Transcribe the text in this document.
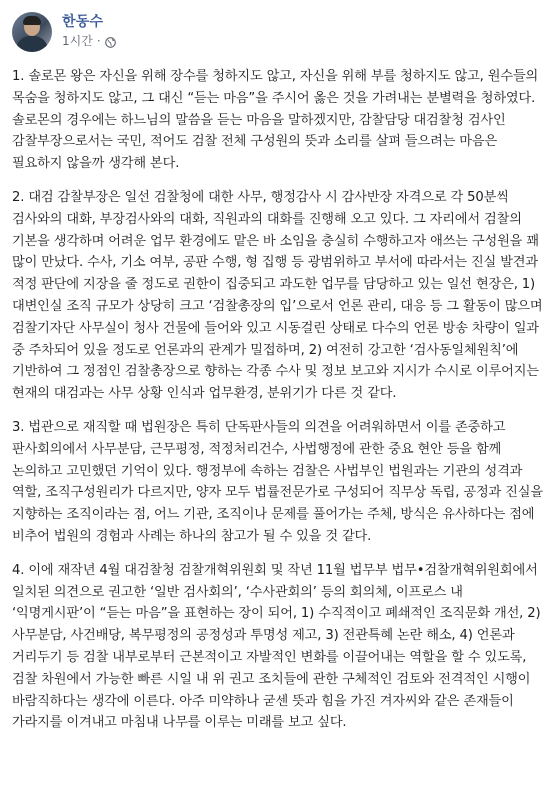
한동수
1시간 ·

1. 솔로몬 왕은 자신을 위해 장수를 청하지도 않고, 자신을 위해 부를 청하지도 않고, 원수들의 목숨을 청하지도 않고, 그 대신 “듣는 마음”을 주시어 옳은 것을 가려내는 분별력을 청하였다. 솔로몬의 경우에는 하느님의 말씀을 듣는 마음을 말하겠지만, 감찰담당 대검찰청 검사인 감찰부장으로서는 국민, 적어도 검찰 전체 구성원의 뜻과 소리를 살펴 들으려는 마음은 필요하지 않을까 생각해 본다.

2. 대검 감찰부장은 일선 검찰청에 대한 사무, 행정감사 시 감사반장 자격으로 각 50분씩 검사와의 대화, 부장검사와의 대화, 직원과의 대화를 진행해 오고 있다. 그 자리에서 검찰의 기본을 생각하며 어려운 업무 환경에도 맡은 바 소임을 충실히 수행하고자 애쓰는 구성원을 꽤 많이 만났다. 수사, 기소 여부, 공판 수행, 형 집행 등 광범위하고 부서에 따라서는 진실 발견과 적정 판단에 지장을 줄 정도로 권한이 집중되고 과도한 업무를 담당하고 있는 일선 현장은, 1) 대변인실 조직 규모가 상당히 크고 ‘검찰총장의 입’으로서 언론 관리, 대응 등 그 활동이 많으며 검찰기자단 사무실이 청사 건물에 들어와 있고 시동걸린 상태로 다수의 언론 방송 차량이 일과 중 주차되어 있을 정도로 언론과의 관계가 밀접하며, 2) 여전히 강고한 ‘검사동일체원칙’에 기반하여 그 정점인 검찰총장으로 향하는 각종 수사 및 정보 보고와 지시가 수시로 이루어지는 현재의 대검과는 사무 상황 인식과 업무환경, 분위기가 다른 것 같다.

3. 법관으로 재직할 때 법원장은 특히 단독판사들의 의견을 어려워하면서 이를 존중하고 판사회의에서 사무분담, 근무평정, 적정처리건수, 사법행정에 관한 중요 현안 등을 함께 논의하고 고민했던 기억이 있다. 행정부에 속하는 검찰은 사법부인 법원과는 기관의 성격과 역할, 조직구성원리가 다르지만, 양자 모두 법률전문가로 구성되어 직무상 독립, 공정과 진실을 지향하는 조직이라는 점, 어느 기관, 조직이나 문제를 풀어가는 주체, 방식은 유사하다는 점에 비추어 법원의 경험과 사례는 하나의 참고가 될 수 있을 것 같다.

4. 이에 재작년 4월 대검찰청 검찰개혁위원회 및 작년 11월 법무부 법무•검찰개혁위원회에서 일치된 의견으로 권고한 ‘일반 검사회의’, ‘수사관회의’ 등의 회의체, 이프로스 내 ‘익명게시판’이 “듣는 마음”을 표현하는 장이 되어, 1) 수직적이고 폐쇄적인 조직문화 개선, 2) 사무분담, 사건배당, 복무평정의 공정성과 투명성 제고, 3) 전관특혜 논란 해소, 4) 언론과 거리두기 등 검찰 내부로부터 근본적이고 자발적인 변화를 이끌어내는 역할을 할 수 있도록, 검찰 차원에서 가능한 빠른 시일 내 위 권고 조치들에 관한 구체적인 검토와 전격적인 시행이 바람직하다는 생각에 이른다. 아주 미약하나 굳센 뜻과 힘을 가진 겨자씨와 같은 존재들이 가라지를 이겨내고 마침내 나무를 이루는 미래를 보고 싶다.
